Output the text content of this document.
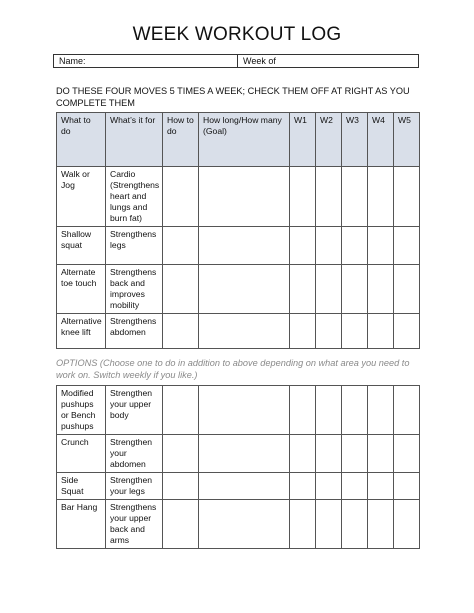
WEEK WORKOUT LOG
Name:	Week of
DO THESE FOUR MOVES 5 TIMES A WEEK; CHECK THEM OFF AT RIGHT AS YOU COMPLETE THEM
What to do	What’s it for	How to do	How long/How many (Goal)	W1	W2	W3	W4	W5
Walk or Jog	Cardio (Strengthens heart and lungs and burn fat)							
Shallow squat	Strengthens legs							
Alternate toe touch	Strengthens back and improves mobility							
Alternative knee lift	Strengthens abdomen							
OPTIONS (Choose one to do in addition to above depending on what area you need to work on. Switch weekly if you like.)
Modified pushups or Bench pushups	Strengthen your upper body							
Crunch	Strengthen your abdomen							
Side Squat	Strengthen your legs							
Bar Hang	Strengthens your upper back and arms							
